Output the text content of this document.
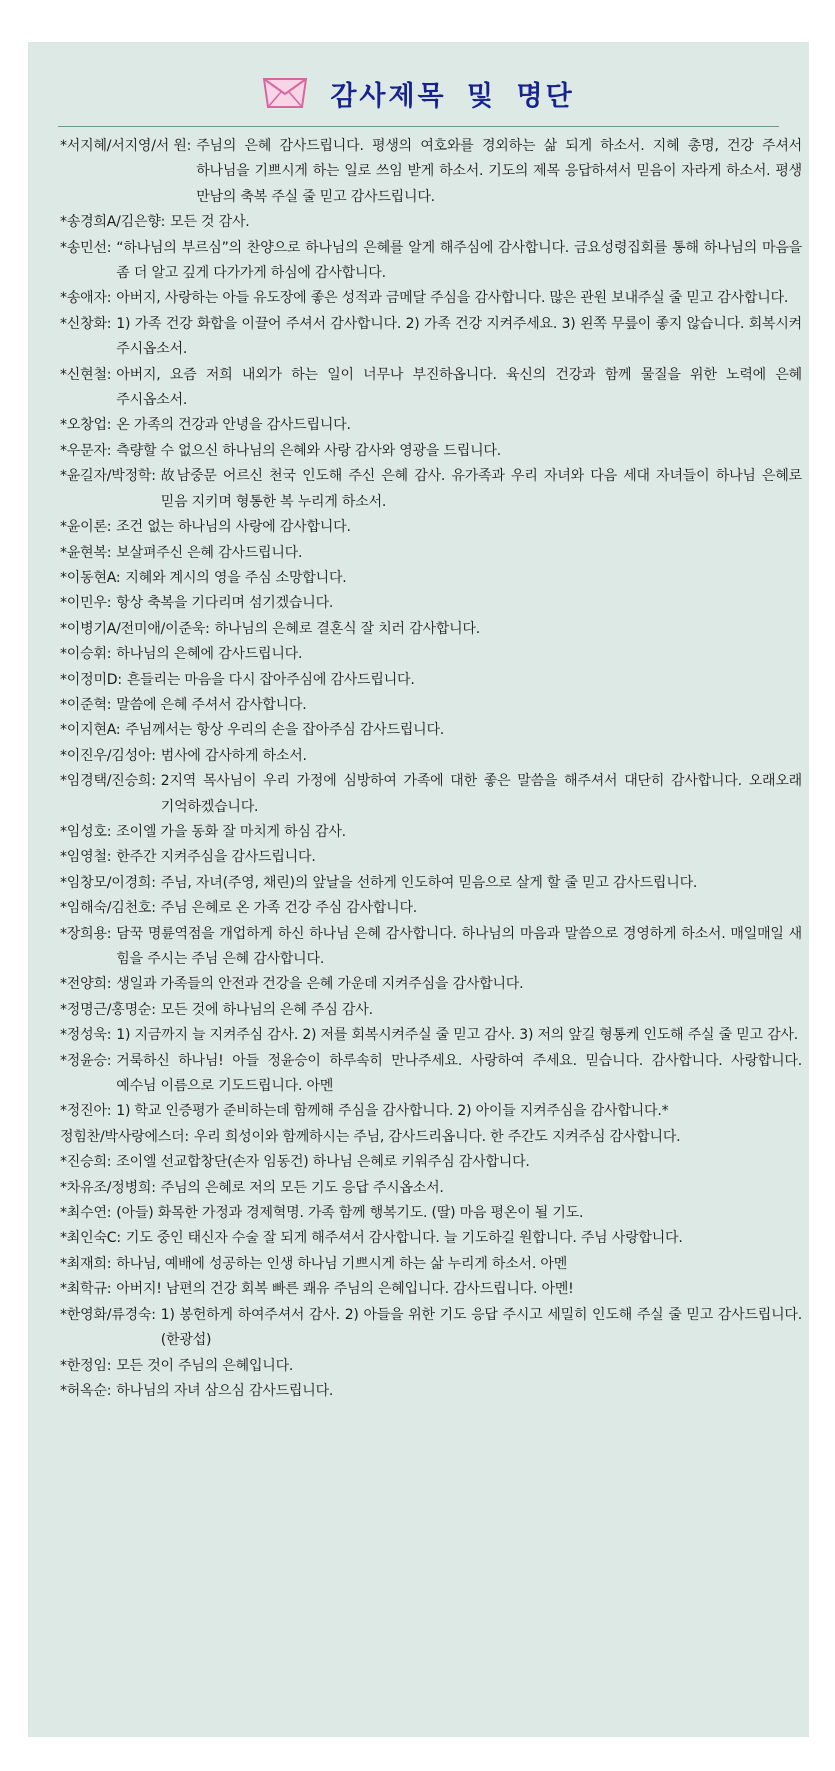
감사제목 및 명단
*서지혜/서지영/서 원: 주님의 은혜 감사드립니다. 평생의 여호와를 경외하는 삶 되게 하소서. 지혜 총명, 건강 주셔서 하나님을 기쁘시게 하는 일로 쓰임 받게 하소서. 기도의 제목 응답하셔서 믿음이 자라게 하소서. 평생 만남의 축복 주실 줄 믿고 감사드립니다.
*송경희A/김은향: 모든 것 감사.
*송민선: “하나님의 부르심”의 찬양으로 하나님의 은혜를 알게 해주심에 감사합니다. 금요성령집회를 통해 하나님의 마음을 좀 더 알고 깊게 다가가게 하심에 감사합니다.
*송애자: 아버지, 사랑하는 아들 유도장에 좋은 성적과 금메달 주심을 감사합니다. 많은 관원 보내주실 줄 믿고 감사합니다.
*신창화: 1) 가족 건강 화합을 이끌어 주셔서 감사합니다. 2) 가족 건강 지켜주세요. 3) 왼쪽 무릎이 좋지 않습니다. 회복시켜 주시옵소서.
*신현철: 아버지, 요즘 저희 내외가 하는 일이 너무나 부진하옵니다. 육신의 건강과 함께 물질을 위한 노력에 은혜 주시옵소서.
*오창업: 온 가족의 건강과 안녕을 감사드립니다.
*우문자: 측량할 수 없으신 하나님의 은혜와 사랑 감사와 영광을 드립니다.
*윤길자/박정학: 故남중문 어르신 천국 인도해 주신 은혜 감사. 유가족과 우리 자녀와 다음 세대 자녀들이 하나님 은혜로 믿음 지키며 형통한 복 누리게 하소서.
*윤이론: 조건 없는 하나님의 사랑에 감사합니다.
*윤현복: 보살펴주신 은혜 감사드립니다.
*이동현A: 지혜와 계시의 영을 주심 소망합니다.
*이민우: 항상 축복을 기다리며 섬기겠습니다.
*이병기A/전미애/이준욱: 하나님의 은혜로 결혼식 잘 치러 감사합니다.
*이승휘: 하나님의 은혜에 감사드립니다.
*이정미D: 흔들리는 마음을 다시 잡아주심에 감사드립니다.
*이준혁: 말씀에 은혜 주셔서 감사합니다.
*이지현A: 주님께서는 항상 우리의 손을 잡아주심 감사드립니다.
*이진우/김성아: 범사에 감사하게 하소서.
*임경택/진승희: 2지역 목사님이 우리 가정에 심방하여 가족에 대한 좋은 말씀을 해주셔서 대단히 감사합니다. 오래오래 기억하겠습니다.
*임성호: 조이엘 가을 동화 잘 마치게 하심 감사.
*임영철: 한주간 지켜주심을 감사드립니다.
*임창모/이경희: 주님, 자녀(주영, 채린)의 앞날을 선하게 인도하여 믿음으로 살게 할 줄 믿고 감사드립니다.
*임해숙/김천호: 주님 은혜로 온 가족 건강 주심 감사합니다.
*장희용: 담꾹 명륜역점을 개업하게 하신 하나님 은혜 감사합니다. 하나님의 마음과 말씀으로 경영하게 하소서. 매일매일 새 힘을 주시는 주님 은혜 감사합니다.
*전양희: 생일과 가족들의 안전과 건강을 은혜 가운데 지켜주심을 감사합니다.
*정명근/홍명순: 모든 것에 하나님의 은혜 주심 감사.
*정성욱: 1) 지금까지 늘 지켜주심 감사. 2) 저를 회복시켜주실 줄 믿고 감사. 3) 저의 앞길 형통케 인도해 주실 줄 믿고 감사.
*정윤승: 거룩하신 하나님! 아들 정윤승이 하루속히 만나주세요. 사랑하여 주세요. 믿습니다. 감사합니다. 사랑합니다. 예수님 이름으로 기도드립니다. 아멘
*정진아: 1) 학교 인증평가 준비하는데 함께해 주심을 감사합니다. 2) 아이들 지켜주심을 감사합니다.*
정힘찬/박사랑에스더: 우리 희성이와 함께하시는 주님, 감사드리옵니다. 한 주간도 지켜주심 감사합니다.
*진승희: 조이엘 선교합창단(손자 임동건) 하나님 은혜로 키워주심 감사합니다.
*차유조/정병희: 주님의 은혜로 저의 모든 기도 응답 주시옵소서.
*최수연: (아들) 화목한 가정과 경제혁명. 가족 함께 행복기도. (딸) 마음 평온이 될 기도.
*최인숙C: 기도 중인 태신자 수술 잘 되게 해주셔서 감사합니다. 늘 기도하길 원합니다. 주님 사랑합니다.
*최재희: 하나님, 예배에 성공하는 인생 하나님 기쁘시게 하는 삶 누리게 하소서. 아멘
*최학규: 아버지! 남편의 건강 회복 빠른 쾌유 주님의 은혜입니다. 감사드립니다. 아멘!
*한영화/류경숙: 1) 봉헌하게 하여주셔서 감사. 2) 아들을 위한 기도 응답 주시고 세밀히 인도해 주실 줄 믿고 감사드립니다. (한광섭)
*한정임: 모든 것이 주님의 은혜입니다.
*허옥순: 하나님의 자녀 삼으심 감사드립니다.
